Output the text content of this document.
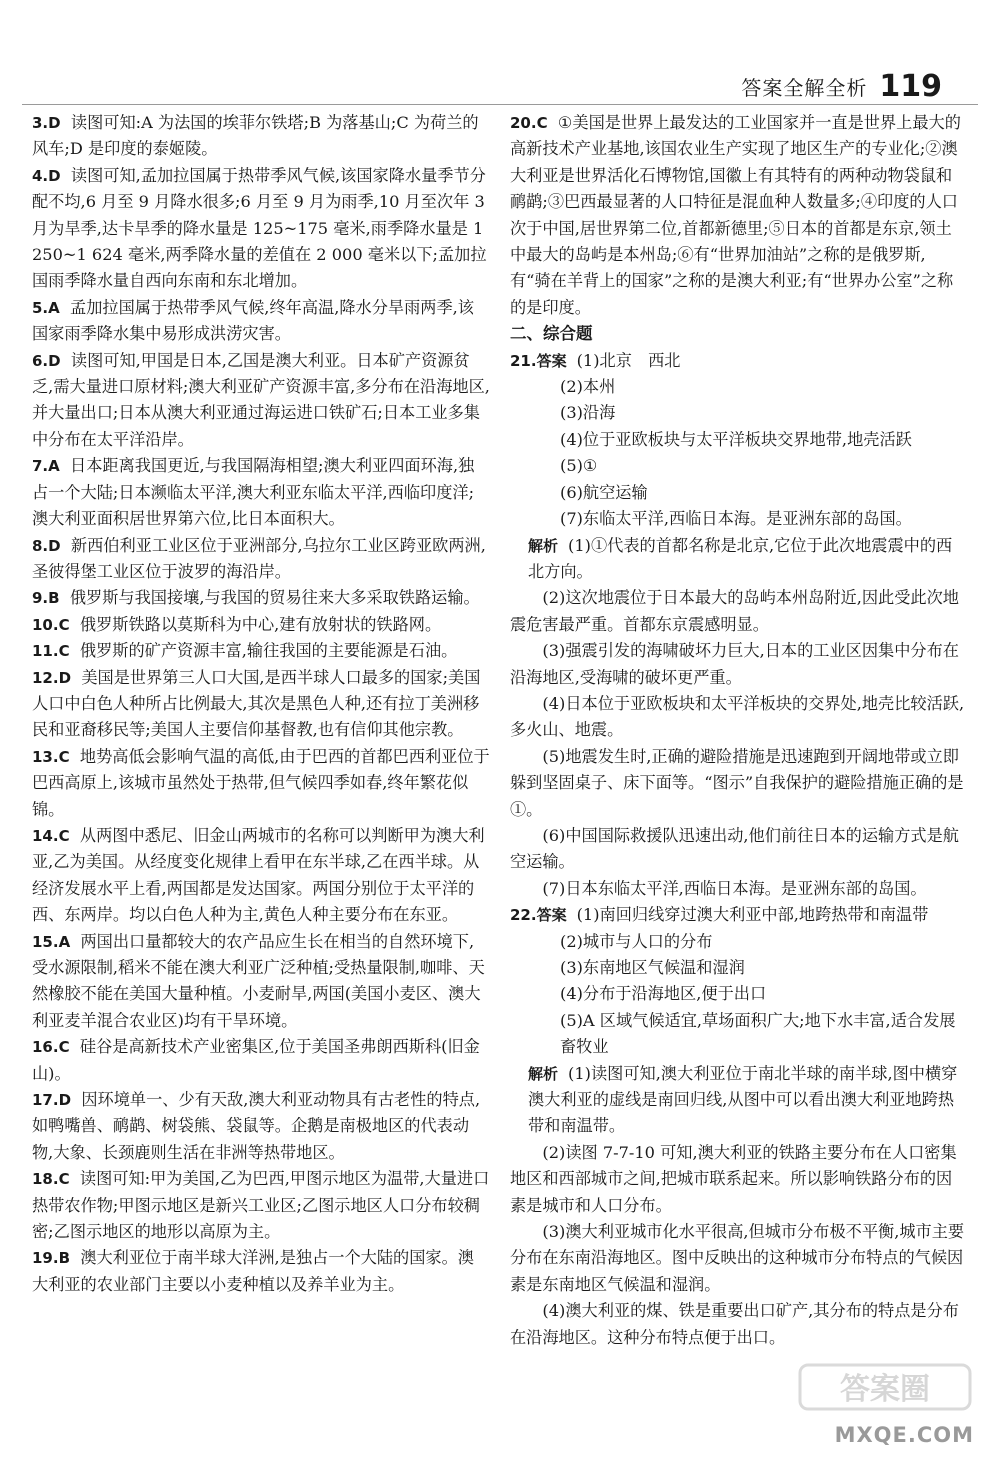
答案全解全析 119

3.D 读图可知:A 为法国的埃菲尔铁塔;B 为落基山;C 为荷兰的风车;D 是印度的泰姬陵。

4.D 读图可知,孟加拉国属于热带季风气候,该国家降水量季节分配不均,6 月至 9 月降水很多;6 月至 9 月为雨季,10 月至次年 3 月为旱季,达卡旱季的降水量是 125~175 毫米,雨季降水量是 1 250~1 624 毫米,两季降水量的差值在 2 000 毫米以下;孟加拉国雨季降水量自西向东南和东北增加。

5.A 孟加拉国属于热带季风气候,终年高温,降水分旱雨两季,该国家雨季降水集中易形成洪涝灾害。

6.D 读图可知,甲国是日本,乙国是澳大利亚。日本矿产资源贫乏,需大量进口原材料;澳大利亚矿产资源丰富,多分布在沿海地区,并大量出口;日本从澳大利亚通过海运进口铁矿石;日本工业多集中分布在太平洋沿岸。

7.A 日本距离我国更近,与我国隔海相望;澳大利亚四面环海,独占一个大陆;日本濒临太平洋,澳大利亚东临太平洋,西临印度洋;澳大利亚面积居世界第六位,比日本面积大。

8.D 新西伯利亚工业区位于亚洲部分,乌拉尔工业区跨亚欧两洲,圣彼得堡工业区位于波罗的海沿岸。

9.B 俄罗斯与我国接壤,与我国的贸易往来大多采取铁路运输。

10.C 俄罗斯铁路以莫斯科为中心,建有放射状的铁路网。

11.C 俄罗斯的矿产资源丰富,输往我国的主要能源是石油。

12.D 美国是世界第三人口大国,是西半球人口最多的国家;美国人口中白色人种所占比例最大,其次是黑色人种,还有拉丁美洲移民和亚裔移民等;美国人主要信仰基督教,也有信仰其他宗教。

13.C 地势高低会影响气温的高低,由于巴西的首都巴西利亚位于巴西高原上,该城市虽然处于热带,但气候四季如春,终年繁花似锦。

14.C 从两图中悉尼、旧金山两城市的名称可以判断甲为澳大利亚,乙为美国。从经度变化规律上看甲在东半球,乙在西半球。从经济发展水平上看,两国都是发达国家。两国分别位于太平洋的西、东两岸。均以白色人种为主,黄色人种主要分布在东亚。

15.A 两国出口量都较大的农产品应生长在相当的自然环境下,受水源限制,稻米不能在澳大利亚广泛种植;受热量限制,咖啡、天然橡胶不能在美国大量种植。小麦耐旱,两国(美国小麦区、澳大利亚麦羊混合农业区)均有干旱环境。

16.C 硅谷是高新技术产业密集区,位于美国圣弗朗西斯科(旧金山)。

17.D 因环境单一、少有天敌,澳大利亚动物具有古老性的特点,如鸭嘴兽、鸸鹋、树袋熊、袋鼠等。企鹅是南极地区的代表动物,大象、长颈鹿则生活在非洲等热带地区。

18.C 读图可知:甲为美国,乙为巴西,甲图示地区为温带,大量进口热带农作物;甲图示地区是新兴工业区;乙图示地区人口分布较稠密;乙图示地区的地形以高原为主。

19.B 澳大利亚位于南半球大洋洲,是独占一个大陆的国家。澳大利亚的农业部门主要以小麦种植以及养羊业为主。

20.C ①美国是世界上最发达的工业国家并一直是世界上最大的高新技术产业基地,该国农业生产实现了地区生产的专业化;②澳大利亚是世界活化石博物馆,国徽上有其特有的两种动物袋鼠和鸸鹋;③巴西最显著的人口特征是混血种人数量多;④印度的人口次于中国,居世界第二位,首都新德里;⑤日本的首都是东京,领土中最大的岛屿是本州岛;⑥有“世界加油站”之称的是俄罗斯,有“骑在羊背上的国家”之称的是澳大利亚;有“世界办公室”之称的是印度。

二、综合题
21.答案 (1)北京　西北
(2)本州
(3)沿海
(4)位于亚欧板块与太平洋板块交界地带,地壳活跃
(5)①
(6)航空运输
(7)东临太平洋,西临日本海。是亚洲东部的岛国。
解析 (1)①代表的首都名称是北京,它位于此次地震震中的西北方向。
(2)这次地震位于日本最大的岛屿本州岛附近,因此受此次地震危害最严重。首都东京震感明显。
(3)强震引发的海啸破坏力巨大,日本的工业区因集中分布在沿海地区,受海啸的破坏更严重。
(4)日本位于亚欧板块和太平洋板块的交界处,地壳比较活跃,多火山、地震。
(5)地震发生时,正确的避险措施是迅速跑到开阔地带或立即躲到坚固桌子、床下面等。“图示”自我保护的避险措施正确的是①。
(6)中国国际救援队迅速出动,他们前往日本的运输方式是航空运输。
(7)日本东临太平洋,西临日本海。是亚洲东部的岛国。
22.答案 (1)南回归线穿过澳大利亚中部,地跨热带和南温带
(2)城市与人口的分布
(3)东南地区气候温和湿润
(4)分布于沿海地区,便于出口
(5)A 区域气候适宜,草场面积广大;地下水丰富,适合发展畜牧业
解析 (1)读图可知,澳大利亚位于南北半球的南半球,图中横穿澳大利亚的虚线是南回归线,从图中可以看出澳大利亚地跨热带和南温带。
(2)读图 7-7-10 可知,澳大利亚的铁路主要分布在人口密集地区和西部城市之间,把城市联系起来。所以影响铁路分布的因素是城市和人口分布。
(3)澳大利亚城市化水平很高,但城市分布极不平衡,城市主要分布在东南沿海地区。图中反映出的这种城市分布特点的气候因素是东南地区气候温和湿润。
(4)澳大利亚的煤、铁是重要出口矿产,其分布的特点是分布在沿海地区。这种分布特点便于出口。
答案圈
MXQE.COM
